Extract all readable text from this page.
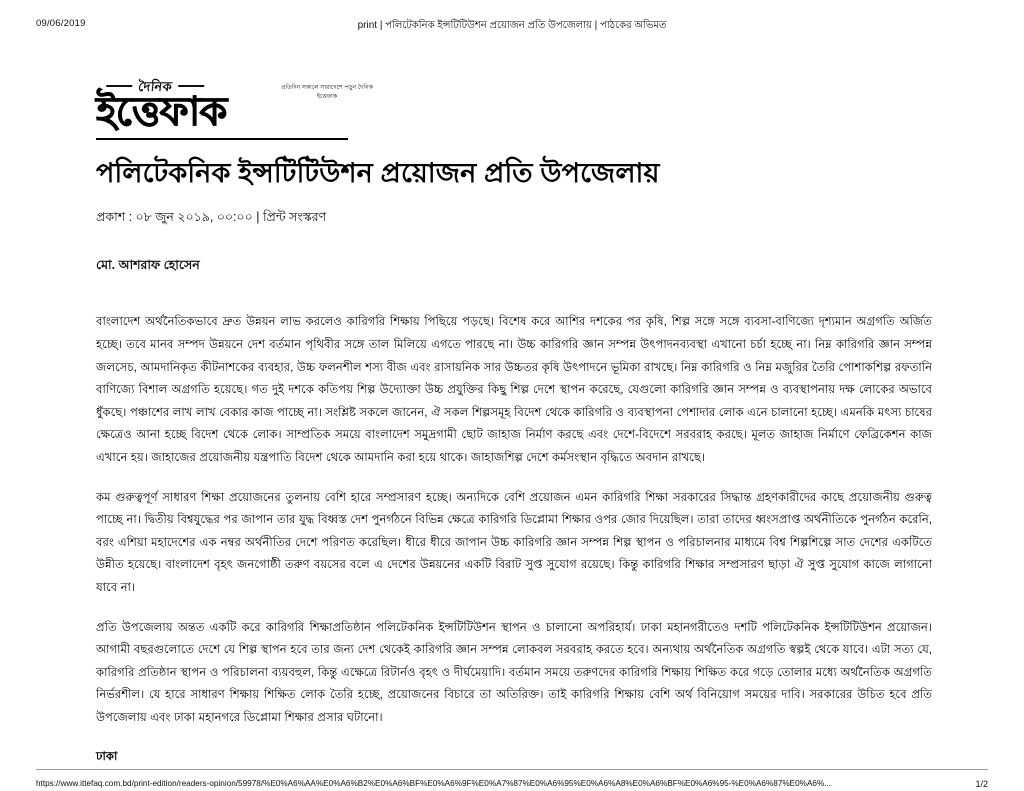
09/06/2019	print | পলিটেকনিক ইন্সটিটিউশন প্রয়োজন প্রতি উপজেলায় | পাঠকের অভিমত
দৈনিক
ইত্তেফাক
প্রতিদিন সকালে সারাদেশে পড়ুন দৈনিক ইত্তেফাক
পলিটেকনিক ইন্সটিটিউশন প্রয়োজন প্রতি উপজেলায়
প্রকাশ : ০৮ জুন ২০১৯, ০০:০০ | প্রিন্ট সংস্করণ
মো. আশরাফ হোসেন

বাংলাদেশ অর্থনৈতিকভাবে দ্রুত উন্নয়ন লাভ করলেও কারিগরি শিক্ষায় পিছিয়ে পড়ছে। বিশেষ করে আশির দশকের পর কৃষি, শিল্প সঙ্গে সঙ্গে ব্যবসা-বাণিজ্যে দৃশ্যমান অগ্রগতি অর্জিত হচ্ছে। তবে মানব সম্পদ উন্নয়নে দেশ বর্তমান পৃথিবীর সঙ্গে তাল মিলিয়ে এগতে পারছে না। উচ্চ কারিগরি জ্ঞান সম্পন্ন উৎপাদনব্যবস্থা এখানো চর্চা হচ্ছে না। নিম্ন কারিগরি জ্ঞান সম্পন্ন জলসেচ, আমদানিকৃত কীটনাশকের ব্যবহার, উচ্চ ফলনশীল শস্য বীজ এবং রাসায়নিক সার উচ্চতর কৃষি উৎপাদনে ভূমিকা রাখছে। নিম্ন কারিগরি ও নিম্ন মজুরির তৈরি পোশাকশিল্প রফতানি বাণিজ্যে বিশাল অগ্রগতি হয়েছে। গত দুই দশকে কতিপয় শিল্প উদ্যোক্তা উচ্চ প্রযুক্তির কিছু শিল্প দেশে স্থাপন করেছে, যেগুলো কারিগরি জ্ঞান সম্পন্ন ও ব্যবস্থাপনায় দক্ষ লোকের অভাবে ধুঁকছে। পঞ্চাশের লাখ লাখ বেকার কাজ পাচ্ছে না। সংশ্লিষ্ট সকলে জানেন, ঐ সকল শিল্পসমূহ বিদেশ থেকে কারিগরি ও ব্যবস্থাপনা পেশাদার লোক এনে চালানো হচ্ছে। এমনকি মৎস্য চাষের ক্ষেত্রেও আনা হচ্ছে বিদেশ থেকে লোক। সাম্প্রতিক সময়ে বাংলাদেশ সমুদ্রগামী ছোট জাহাজ নির্মাণ করছে এবং দেশে-বিদেশে সরবরাহ করছে। মূলত জাহাজ নির্মাণে ফেব্রিকেশন কাজ এখানে হয়। জাহাজের প্রয়োজনীয় যন্ত্রপাতি বিদেশ থেকে আমদানি করা হয়ে থাকে। জাহাজশিল্প দেশে কর্মসংস্থান বৃদ্ধিতে অবদান রাখছে।

কম গুরুত্বপূর্ণ সাধারণ শিক্ষা প্রয়োজনের তুলনায় বেশি হারে সম্প্রসারণ হচ্ছে। অন্যদিকে বেশি প্রয়োজন এমন কারিগরি শিক্ষা সরকারের সিদ্ধান্ত গ্রহণকারীদের কাছে প্রয়োজনীয় গুরুত্ব পাচ্ছে না। দ্বিতীয় বিশ্বযুদ্ধের পর জাপান তার যুদ্ধ বিধ্বস্ত দেশ পুনর্গঠনে বিভিন্ন ক্ষেত্রে কারিগরি ডিপ্লোমা শিক্ষার ওপর জোর দিয়েছিল। তারা তাদের ধ্বংসপ্রাপ্ত অর্থনীতিকে পুনর্গঠন করেনি, বরং এশিয়া মহাদেশের এক নম্বর অর্থনীতির দেশে পরিণত করেছিল। ধীরে ধীরে জাপান উচ্চ কারিগরি জ্ঞান সম্পন্ন শিল্প স্থাপন ও পরিচালনার মাধ্যমে বিশ্ব শিল্পশিল্পে সাত দেশের একটিতে উন্নীত হয়েছে। বাংলাদেশ বৃহৎ জনগোষ্ঠী তরুণ বয়সের বলে এ দেশের উন্নয়নের একটি বিরাট সুপ্ত সুযোগ রয়েছে। কিন্তু কারিগরি শিক্ষার সম্প্রসারণ ছাড়া ঐ সুপ্ত সুযোগ কাজে লাগানো যাবে না।

প্রতি উপজেলায় অন্তত একটি করে কারিগরি শিক্ষাপ্রতিষ্ঠান পলিটেকনিক ইন্সটিটিউশন স্থাপন ও চালানো অপরিহার্য। ঢাকা মহানগরীতেও দশটি পলিটেকনিক ইন্সটিটিউশন প্রয়োজন। আগামী বছরগুলোতে দেশে যে শিল্প স্থাপন হবে তার জন্য দেশ থেকেই কারিগরি জ্ঞান সম্পন্ন লোকবল সরবরাহ করতে হবে। অন্যথায় অর্থনৈতিক অগ্রগতি স্বল্পই থেকে যাবে। এটা সত্য যে, কারিগরি প্রতিষ্ঠান স্থাপন ও পরিচালনা ব্যয়বহুল, কিন্তু এক্ষেত্রে রিটার্নও বৃহৎ ও দীর্ঘমেয়াদি। বর্তমান সময়ে তরুণদের কারিগরি শিক্ষায় শিক্ষিত করে গড়ে তোলার মধ্যে অর্থনৈতিক অগ্রগতি নির্ভরশীল। যে হারে সাধারণ শিক্ষায় শিক্ষিত লোক তৈরি হচ্ছে, প্রয়োজনের বিচারে তা অতিরিক্ত। তাই কারিগরি শিক্ষায় বেশি অর্থ বিনিয়োগ সময়ের দাবি। সরকারের উচিত হবে প্রতি উপজেলায় এবং ঢাকা মহানগরে ডিপ্লোমা শিক্ষার প্রসার ঘটানো।

ঢাকা
https://www.ittefaq.com.bd/print-edition/readers-opinion/59978/%E0%A6%AA%E0%A6%B2%E0%A6%BF%E0%A6%9F%E0%A7%87%E0%A6%95%E0%A6%A8%E0%A6%BF%E0%A6%95-%E0%A6%87%E0%A6%...	1/2
